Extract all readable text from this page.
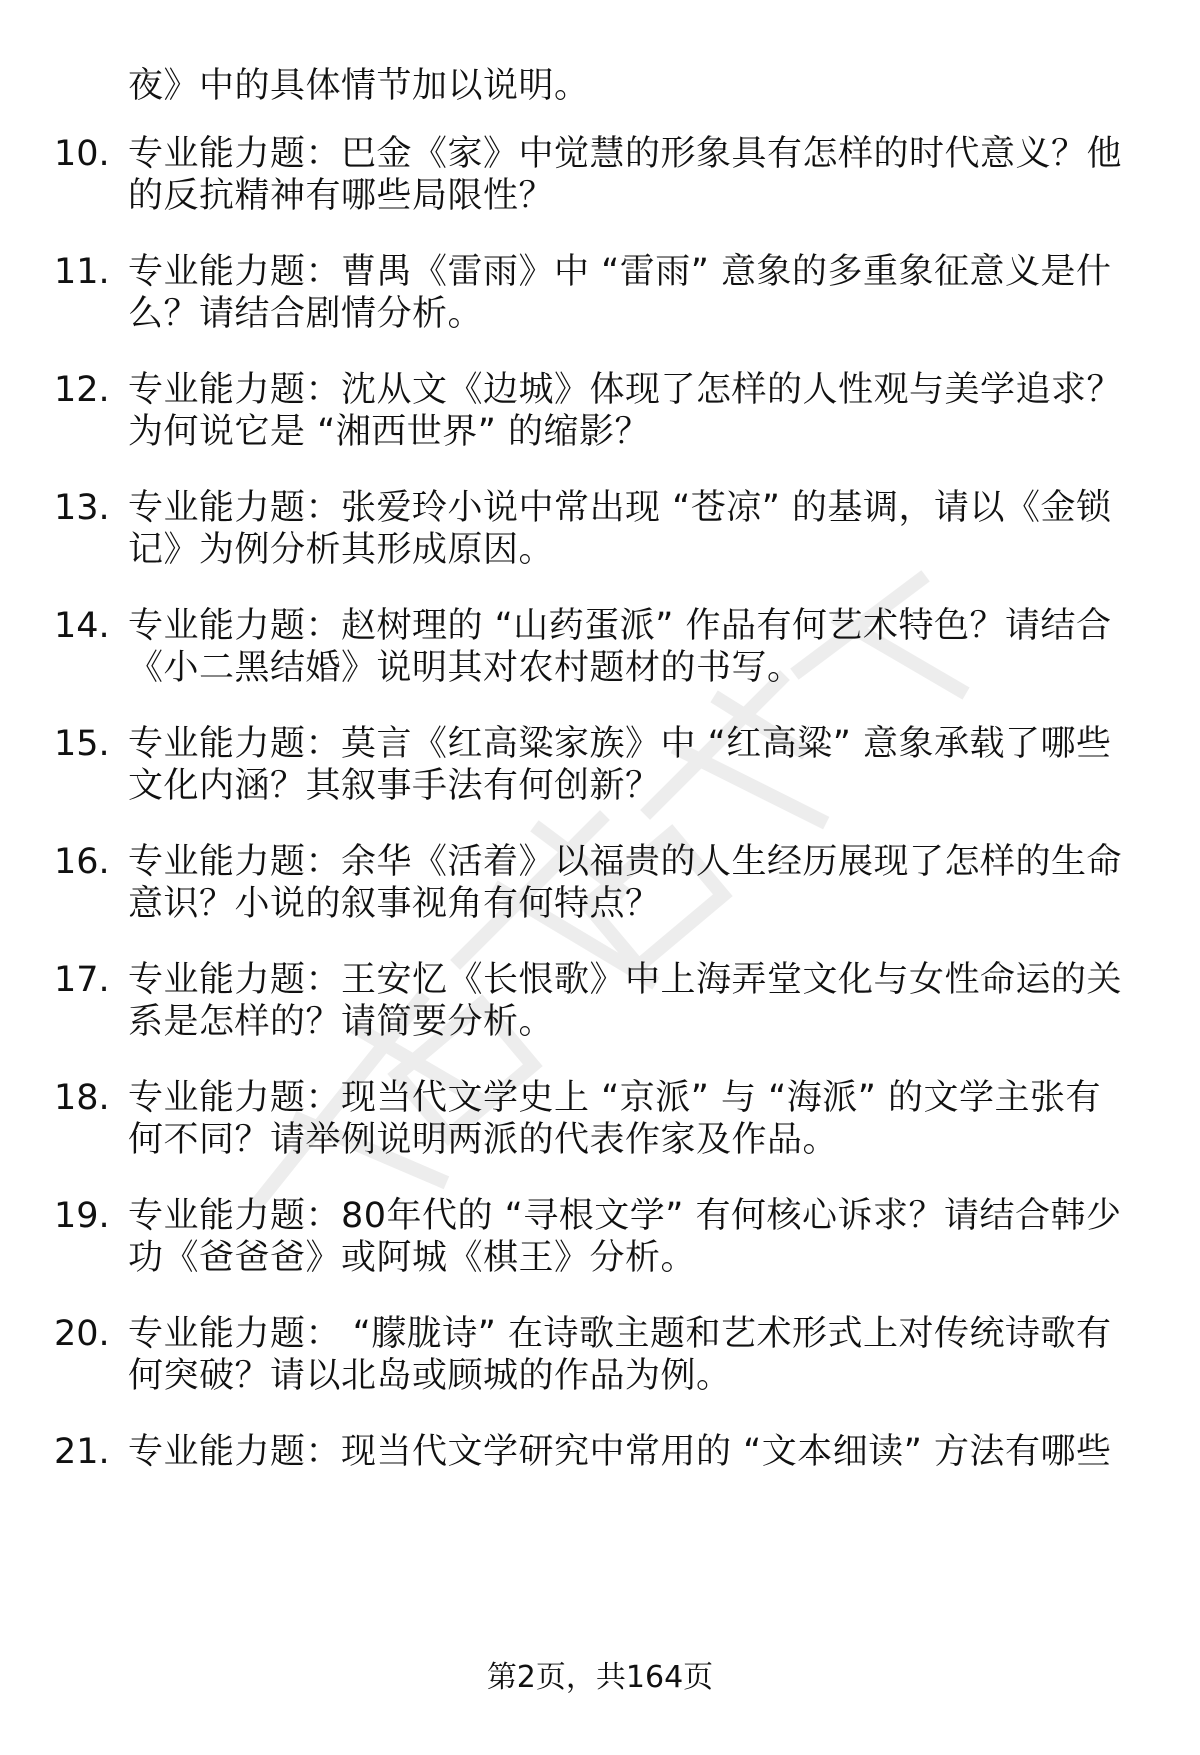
夜》中的具体情节加以说明。
10. 专业能力题：巴金《家》中觉慧的形象具有怎样的时代意义？他
的反抗精神有哪些局限性？
11. 专业能力题：曹禺《雷雨》中 “雷雨” 意象的多重象征意义是什
么？请结合剧情分析。
12. 专业能力题：沈从文《边城》体现了怎样的人性观与美学追求？
为何说它是 “湘西世界” 的缩影？
13. 专业能力题：张爱玲小说中常出现 “苍凉” 的基调，请以《金锁
记》为例分析其形成原因。
14. 专业能力题：赵树理的 “山药蛋派” 作品有何艺术特色？请结合
《小二黑结婚》说明其对农村题材的书写。
15. 专业能力题：莫言《红高粱家族》中 “红高粱” 意象承载了哪些
文化内涵？其叙事手法有何创新？
16. 专业能力题：余华《活着》以福贵的人生经历展现了怎样的生命
意识？小说的叙事视角有何特点？
17. 专业能力题：王安忆《长恨歌》中上海弄堂文化与女性命运的关
系是怎样的？请简要分析。
18. 专业能力题：现当代文学史上 “京派” 与 “海派” 的文学主张有
何不同？请举例说明两派的代表作家及作品。
19. 专业能力题：80年代的 “寻根文学” 有何核心诉求？请结合韩少
功《爸爸爸》或阿城《棋王》分析。
20. 专业能力题： “朦胧诗” 在诗歌主题和艺术形式上对传统诗歌有
何突破？请以北岛或顾城的作品为例。
21. 专业能力题：现当代文学研究中常用的 “文本细读” 方法有哪些
第2页，共164页
